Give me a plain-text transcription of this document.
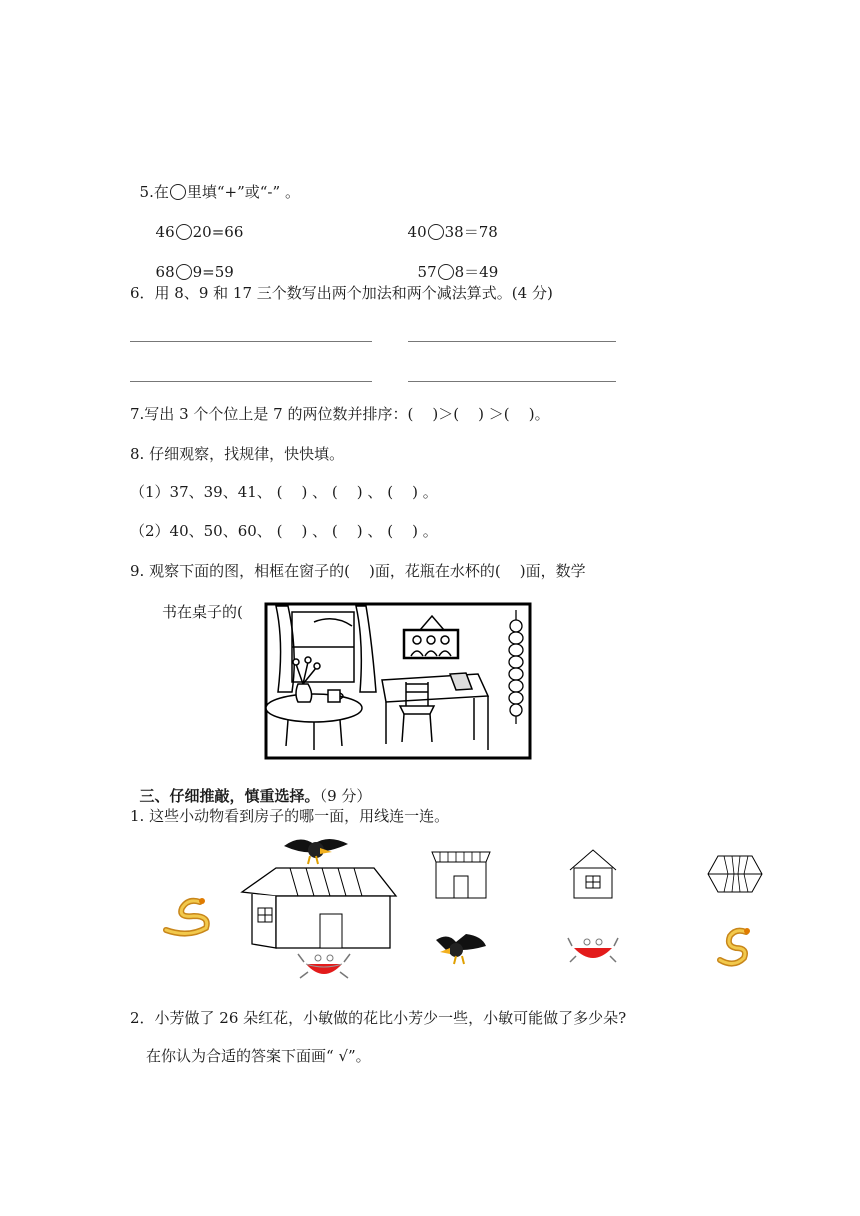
5.在 里填“+”或“-” 。

46 20=66	40 38＝78

68 9=59	57 8＝49

6．用 8、9 和 17 三个数写出两个加法和两个减法算式。(4 分)
7.写出 3 个个位上是 7 的两位数并排序：(    )＞(    ) ＞(    )。
8. 仔细观察，找规律，快快填。
（1）37、39、41、 (    ) 、 (    ) 、 (    ) 。
（2）40、50、60、 (    ) 、 (    ) 、 (    ) 。
9. 观察下面的图，相框在窗子的(    )面，花瓶在水杯的(    )面，数学
书在桌子的(

三、仔细推敲，慎重选择。（9 分）

1. 这些小动物看到房子的哪一面，用线连一连。
2．小芳做了 26 朵红花，小敏做的花比小芳少一些，小敏可能做了多少朵?
在你认为合适的答案下面画“ √”。
